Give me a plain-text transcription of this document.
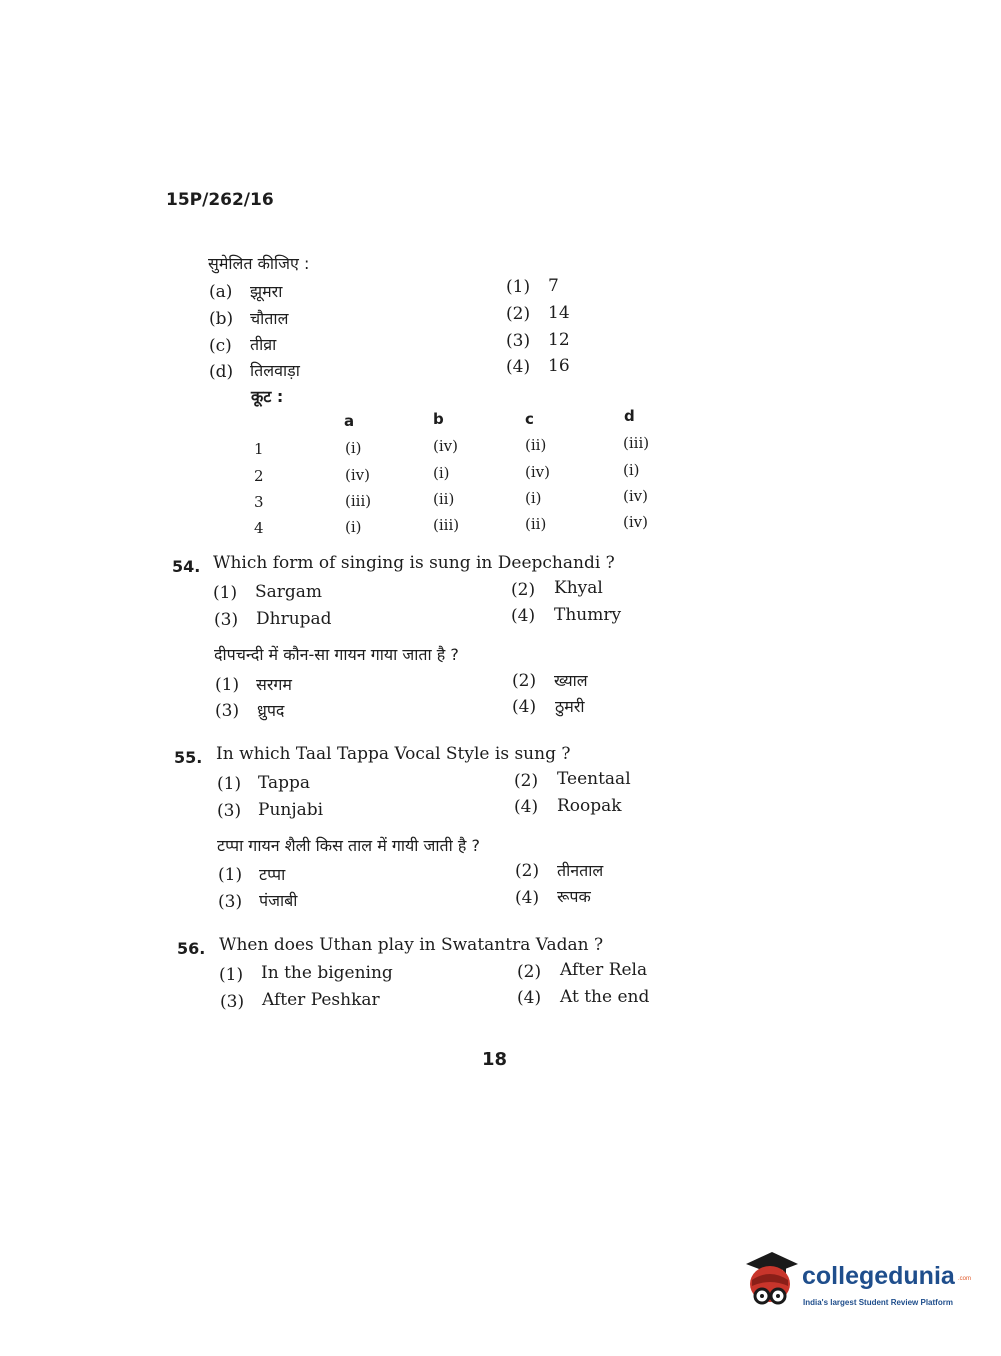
15P/262/16
सुमेलित कीजिए :
(a) झूमरा
(b) चौताल
(c) तीव्रा
(d) तिलवाड़ा
(1) 7
(2) 14
(3) 12
(4) 16
कूट :
a	b	c	d
1	(i)	(iv)	(ii)	(iii)
2	(iv)	(i)	(iv)	(i)
3	(iii)	(ii)	(i)	(iv)
4	(i)	(iii)	(ii)	(iv)
54. Which form of singing is sung in Deepchandi ?
(1) Sargam	(2) Khyal
(3) Dhrupad	(4) Thumry
दीपचन्दी में कौन-सा गायन गाया जाता है ?
(1) सरगम	(2) ख्याल
(3) ध्रुपद	(4) ठुमरी
55. In which Taal Tappa Vocal Style is sung ?
(1) Tappa	(2) Teentaal
(3) Punjabi	(4) Roopak
टप्पा गायन शैली किस ताल में गायी जाती है ?
(1) टप्पा	(2) तीनताल
(3) पंजाबी	(4) रूपक
56. When does Uthan play in Swatantra Vadan ?
(1) In the bigening	(2) After Rela
(3) After Peshkar	(4) At the end
18
collegedunia .com
India's largest Student Review Platform
